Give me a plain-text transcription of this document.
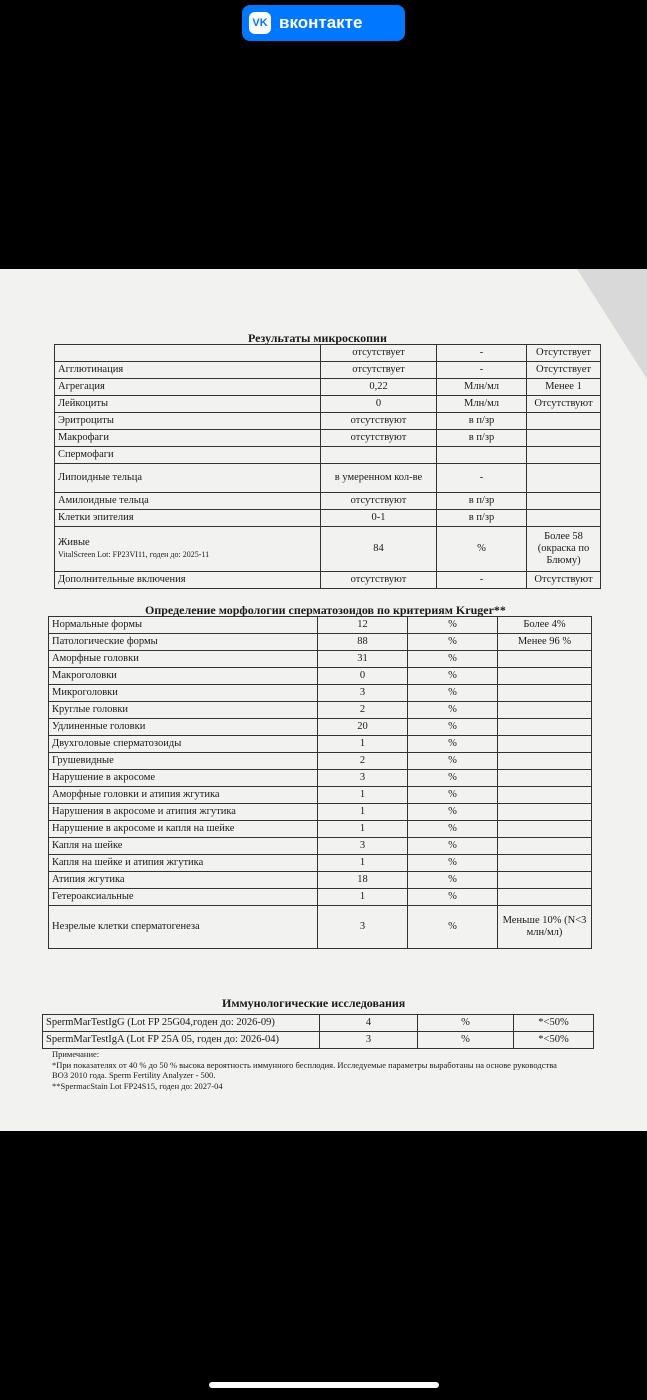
VK вконтакте
Результаты микроскопии
	отсутствует	-	Отсутствует
Агглютинация	отсутствует	-	Отсутствует
Агрегация	0,22	Млн/мл	Менее 1
Лейкоциты	0	Млн/мл	Отсутствуют
Эритроциты	отсутствуют	в п/зр	
Макрофаги	отсутствуют	в п/зр	
Спермофаги			
Липоидные тельца	в умеренном кол-ве	-	
Амилоидные тельца	отсутствуют	в п/зр	
Клетки эпителия	0-1	в п/зр	
Живые
VitalScreen Lot: FP23VI11, годен до: 2025-11	84	%	Более 58 (окраска по Блюму)
Дополнительные включения	отсутствуют	-	Отсутствуют
Определение морфологии сперматозоидов по критериям Kruger**
Нормальные формы	12	%	Более 4%
Патологические формы	88	%	Менее 96 %
Аморфные головки	31	%	
Макроголовки	0	%	
Микроголовки	3	%	
Круглые головки	2	%	
Удлиненные головки	20	%	
Двухголовые сперматозоиды	1	%	
Грушевидные	2	%	
Нарушение в акросоме	3	%	
Аморфные головки и атипия жгутика	1	%	
Нарушения в акросоме и атипия жгутика	1	%	
Нарушение в акросоме и капля на шейке	1	%	
Капля на шейке	3	%	
Капля на шейке и атипия жгутика	1	%	
Атипия жгутика	18	%	
Гетероаксиальные	1	%	
Незрелые клетки сперматогенеза	3	%	Меньше 10% (N<3 млн/мл)
Иммунологические исследования
SpermMarTestIgG (Lot FP 25G04,годен до: 2026-09)	4	%	*<50%
SpermMarTestIgA (Lot FP 25A 05, годен до: 2026-04)	3	%	*<50%
Примечание:
*При показателях от 40 % до 50 % высока вероятность иммунного бесплодия. Исследуемые параметры выработаны на основе руководства ВОЗ 2010 года. Sperm Fertility Analyzer - 500.
**SpermacStain Lot FP24S15, годен до: 2027-04
